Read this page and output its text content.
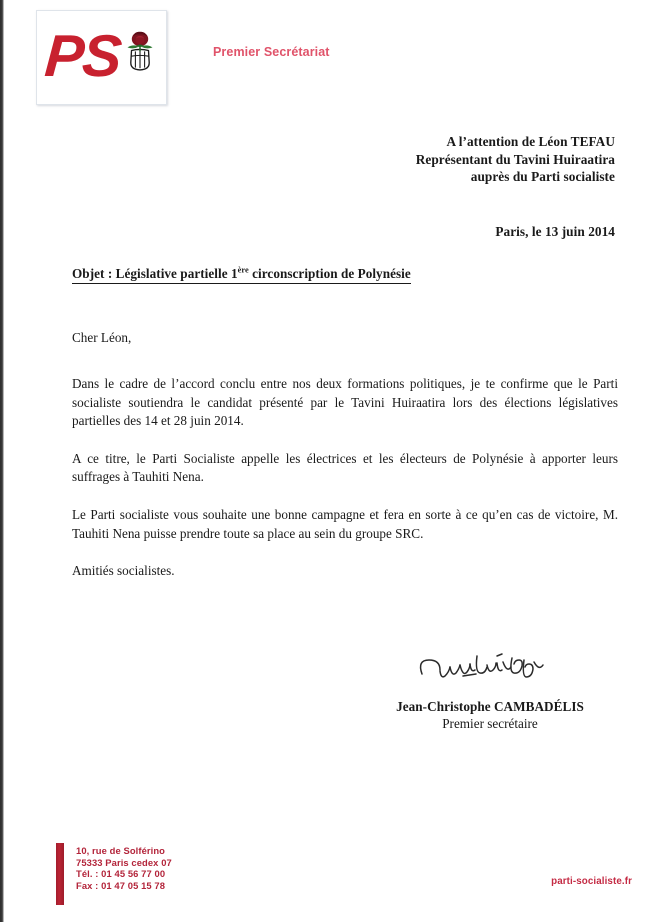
PS	Premier Secrétariat
A l’attention de Léon TEFAU
Représentant du Tavini Huiraatira
auprès du Parti socialiste
Paris, le 13 juin 2014
Objet : Législative partielle 1ère circonscription de Polynésie
Cher Léon,

Dans le cadre de l’accord conclu entre nos deux formations politiques, je te confirme que le Parti socialiste soutiendra le candidat présenté par le Tavini Huiraatira lors des élections législatives partielles des 14 et 28 juin 2014.

A ce titre, le Parti Socialiste appelle les électrices et les électeurs de Polynésie à apporter leurs suffrages à Tauhiti Nena.

Le Parti socialiste vous souhaite une bonne campagne et fera en sorte à ce qu’en cas de victoire, M. Tauhiti Nena puisse prendre toute sa place au sein du groupe SRC.

Amitiés socialistes.

Jean-Christophe CAMBADÉLIS
Premier secrétaire
10, rue de Solférino
75333 Paris cedex 07
Tél. : 01 45 56 77 00
Fax : 01 47 05 15 78	parti-socialiste.fr
